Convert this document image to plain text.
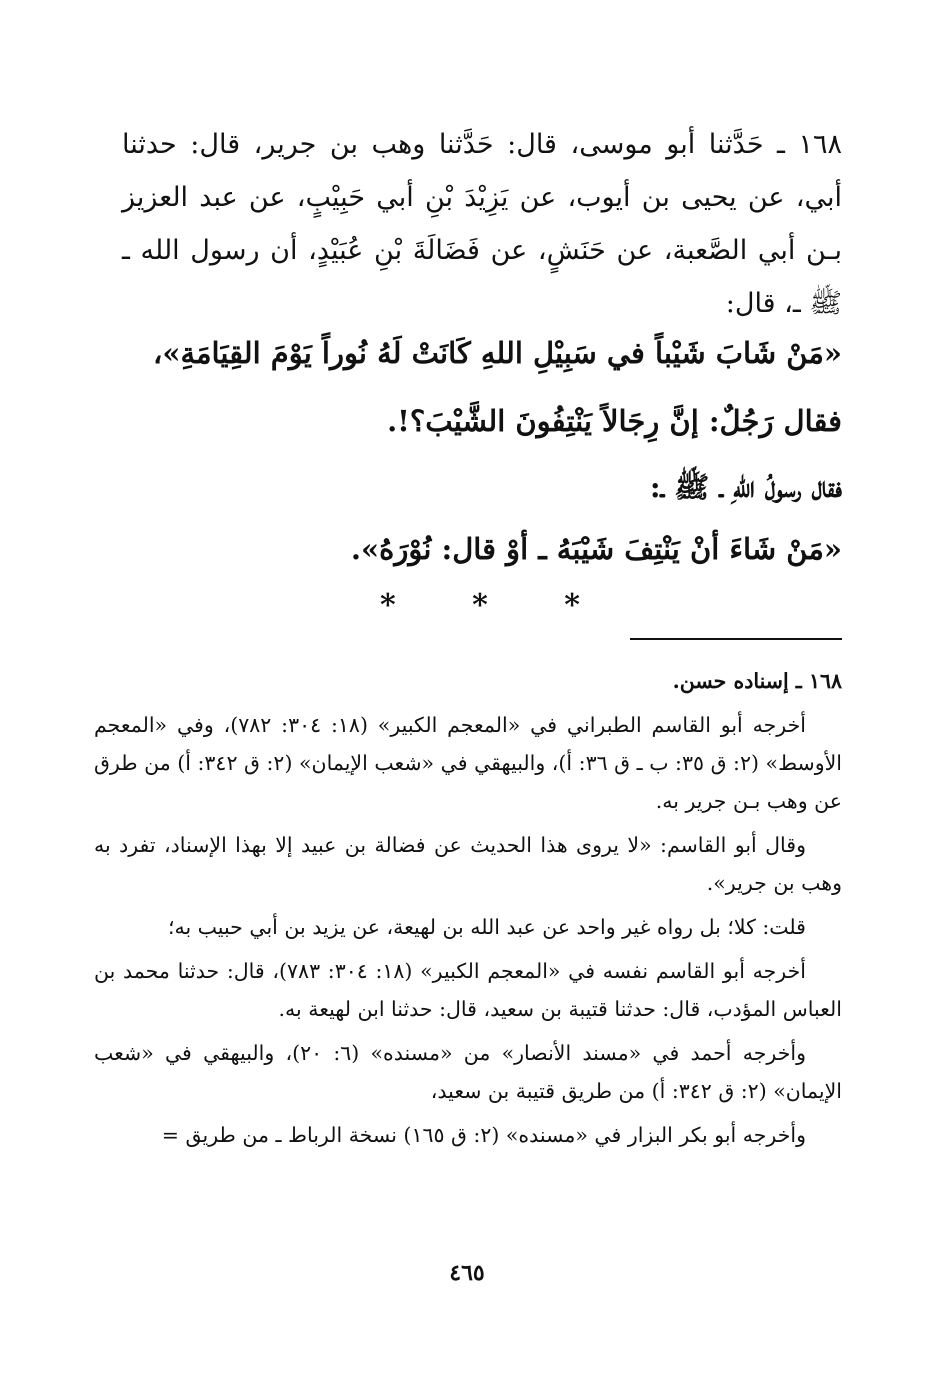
١٦٨ ـ حَدَّثنا أبو موسى، قال: حَدَّثنا وهب بن جرير، قال: حدثنا أبي، عن يحيى بن أيوب، عن يَزِيْدَ بْنِ أبي حَبِيْبٍ، عن عبد العزيز بـن أبي الصَّعبة، عن حَنَشٍ، عن فَضَالَةَ بْنِ عُبَيْدٍ، أن رسول الله ـ ﷺ ـ، قال:

«مَنْ شَابَ شَيْباً في سَبِيْلِ اللهِ كَانَتْ لَهُ نُوراً يَوْمَ القِيَامَةِ»،
فقال رَجُلٌ: إنَّ رِجَالاً يَنْتِفُونَ الشَّيْبَ؟!.
فقال رسولُ اللهِ ـ ﷺ ـ:
«مَنْ شَاءَ أنْ يَنْتِفَ شَيْبَهُ ـ أوْ قال: نُوْرَهُ».
*
*
*

١٦٨ ـ إسناده حسن.

أخرجه أبو القاسم الطبراني في «المعجم الكبير» (١٨: ٣٠٤: ٧٨٢)، وفي «المعجم الأوسط» (٢: ق ٣٥: ب ـ ق ٣٦: أ)، والبيهقي في «شعب الإيمان» (٢: ق ٣٤٢: أ) من طرق عن وهب بـن جرير به.

وقال أبو القاسم: «لا يروى هذا الحديث عن فضالة بن عبيد إلا بهذا الإسناد، تفرد به وهب بن جرير».

قلت: كلا؛ بل رواه غير واحد عن عبد الله بن لهيعة، عن يزيد بن أبي حبيب به؛

أخرجه أبو القاسم نفسه في «المعجم الكبير» (١٨: ٣٠٤: ٧٨٣)، قال: حدثنا محمد بن العباس المؤدب، قال: حدثنا قتيبة بن سعيد، قال: حدثنا ابن لهيعة به.

وأخرجه أحمد في «مسند الأنصار» من «مسنده» (٦: ٢٠)، والبيهقي في «شعب الإيمان» (٢: ق ٣٤٢: أ) من طريق قتيبة بن سعيد،

وأخرجه أبو بكر البزار في «مسنده» (٢: ق ١٦٥) نسخة الرباط ـ من طريق =

٤٦٥
